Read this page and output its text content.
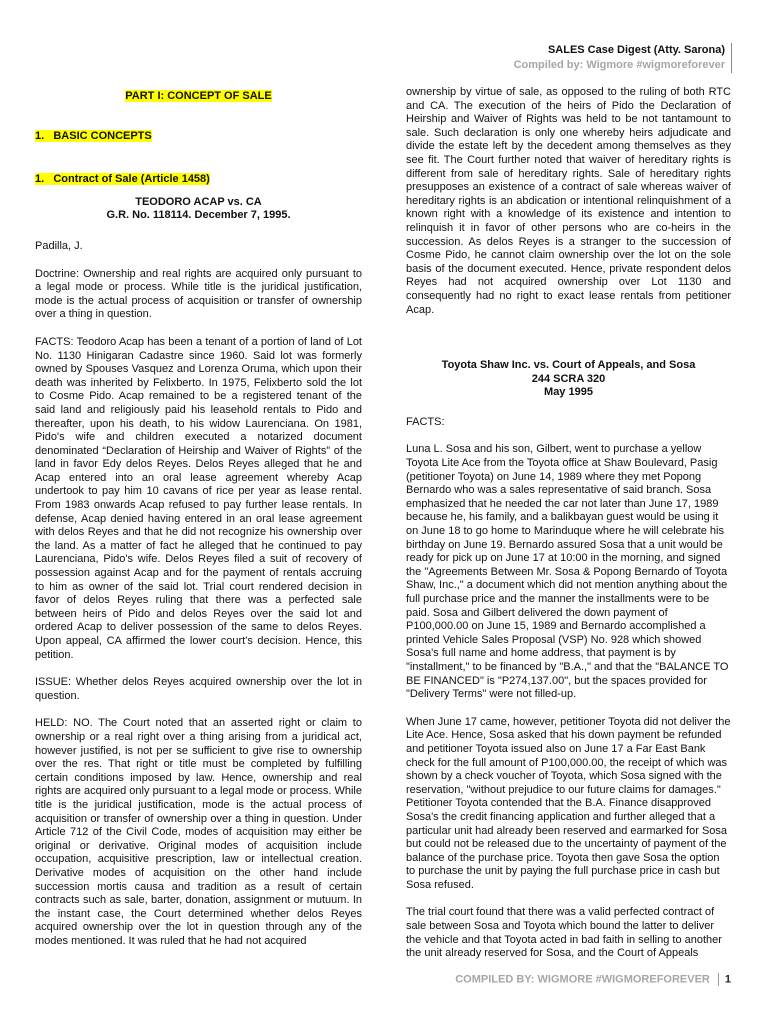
SALES Case Digest (Atty. Sarona)
Compiled by: Wigmore #wigmoreforever

PART I: CONCEPT OF SALE

1.   BASIC CONCEPTS

1.   Contract of Sale (Article 1458)

TEODORO ACAP vs. CA

G.R. No. 118114. December 7, 1995.

Padilla, J.

Doctrine: Ownership and real rights are acquired only pursuant to a legal mode or process. While title is the juridical justification, mode is the actual process of acquisition or transfer of ownership over a thing in question.

FACTS: Teodoro Acap has been a tenant of a portion of land of Lot No. 1130 Hinigaran Cadastre since 1960. Said lot was formerly owned by Spouses Vasquez and Lorenza Oruma, which upon their death was inherited by Felixberto. In 1975, Felixberto sold the lot to Cosme Pido. Acap remained to be a registered tenant of the said land and religiously paid his leasehold rentals to Pido and thereafter, upon his death, to his widow Laurenciana. On 1981, Pido's wife and children executed a notarized document denominated “Declaration of Heirship and Waiver of Rights” of the land in favor Edy delos Reyes. Delos Reyes alleged that he and Acap entered into an oral lease agreement whereby Acap undertook to pay him 10 cavans of rice per year as lease rental. From 1983 onwards Acap refused to pay further lease rentals. In defense, Acap denied having entered in an oral lease agreement with delos Reyes and that he did not recognize his ownership over the land. As a matter of fact he alleged that he continued to pay Laurenciana, Pido's wife. Delos Reyes filed a suit of recovery of possession against Acap and for the payment of rentals accruing to him as owner of the said lot. Trial court rendered decision in favor of delos Reyes ruling that there was a perfected sale between heirs of Pido and delos Reyes over the said lot and ordered Acap to deliver possession of the same to delos Reyes. Upon appeal, CA affirmed the lower court's decision. Hence, this petition.

ISSUE: Whether delos Reyes acquired ownership over the lot in question.

HELD: NO. The Court noted that an asserted right or claim to ownership or a real right over a thing arising from a juridical act, however justified, is not per se sufficient to give rise to ownership over the res. That right or title must be completed by fulfilling certain conditions imposed by law. Hence, ownership and real rights are acquired only pursuant to a legal mode or process. While title is the juridical justification, mode is the actual process of acquisition or transfer of ownership over a thing in question. Under Article 712 of the Civil Code, modes of acquisition may either be original or derivative. Original modes of acquisition include occupation, acquisitive prescription, law or intellectual creation. Derivative modes of acquisition on the other hand include succession mortis causa and tradition as a result of certain contracts such as sale, barter, donation, assignment or mutuum. In the instant case, the Court determined whether delos Reyes acquired ownership over the lot in question through any of the modes mentioned. It was ruled that he had not acquired

ownership by virtue of sale, as opposed to the ruling of both RTC and CA. The execution of the heirs of Pido the Declaration of Heirship and Waiver of Rights was held to be not tantamount to sale. Such declaration is only one whereby heirs adjudicate and divide the estate left by the decedent among themselves as they see fit. The Court further noted that waiver of hereditary rights is different from sale of hereditary rights. Sale of hereditary rights presupposes an existence of a contract of sale whereas waiver of hereditary rights is an abdication or intentional relinquishment of a known right with a knowledge of its existence and intention to relinquish it in favor of other persons who are co-heirs in the succession. As delos Reyes is a stranger to the succession of Cosme Pido, he cannot claim ownership over the lot on the sole basis of the document executed. Hence, private respondent delos Reyes had not acquired ownership over Lot 1130 and consequently had no right to exact lease rentals from petitioner Acap.

Toyota Shaw Inc. vs. Court of Appeals, and Sosa

244 SCRA 320

May 1995

FACTS:

Luna L. Sosa and his son, Gilbert, went to purchase a yellow Toyota Lite Ace from the Toyota office at Shaw Boulevard, Pasig (petitioner Toyota) on June 14, 1989 where they met Popong Bernardo who was a sales representative of said branch. Sosa emphasized that he needed the car not later than June 17, 1989 because he, his family, and a balikbayan guest would be using it on June 18 to go home to Marinduque where he will celebrate his birthday on June 19. Bernardo assured Sosa that a unit would be ready for pick up on June 17 at 10:00 in the morning, and signed the "Agreements Between Mr. Sosa & Popong Bernardo of Toyota Shaw, Inc.," a document which did not mention anything about the full purchase price and the manner the installments were to be paid. Sosa and Gilbert delivered the down payment of P100,000.00 on June 15, 1989 and Bernardo accomplished a printed Vehicle Sales Proposal (VSP) No. 928 which showed Sosa's full name and home address, that payment is by "installment," to be financed by "B.A.," and that the "BALANCE TO BE FINANCED" is "P274,137.00", but the spaces provided for "Delivery Terms" were not filled-up.

When June 17 came, however, petitioner Toyota did not deliver the Lite Ace. Hence, Sosa asked that his down payment be refunded and petitioner Toyota issued also on June 17 a Far East Bank check for the full amount of P100,000.00, the receipt of which was shown by a check voucher of Toyota, which Sosa signed with the reservation, "without prejudice to our future claims for damages." Petitioner Toyota contended that the B.A. Finance disapproved Sosa's the credit financing application and further alleged that a particular unit had already been reserved and earmarked for Sosa but could not be released due to the uncertainty of payment of the balance of the purchase price. Toyota then gave Sosa the option to purchase the unit by paying the full purchase price in cash but Sosa refused.

The trial court found that there was a valid perfected contract of sale between Sosa and Toyota which bound the latter to deliver the vehicle and that Toyota acted in bad faith in selling to another the unit already reserved for Sosa, and the Court of Appeals

COMPILED BY: WIGMORE #WIGMOREFOREVER 1
